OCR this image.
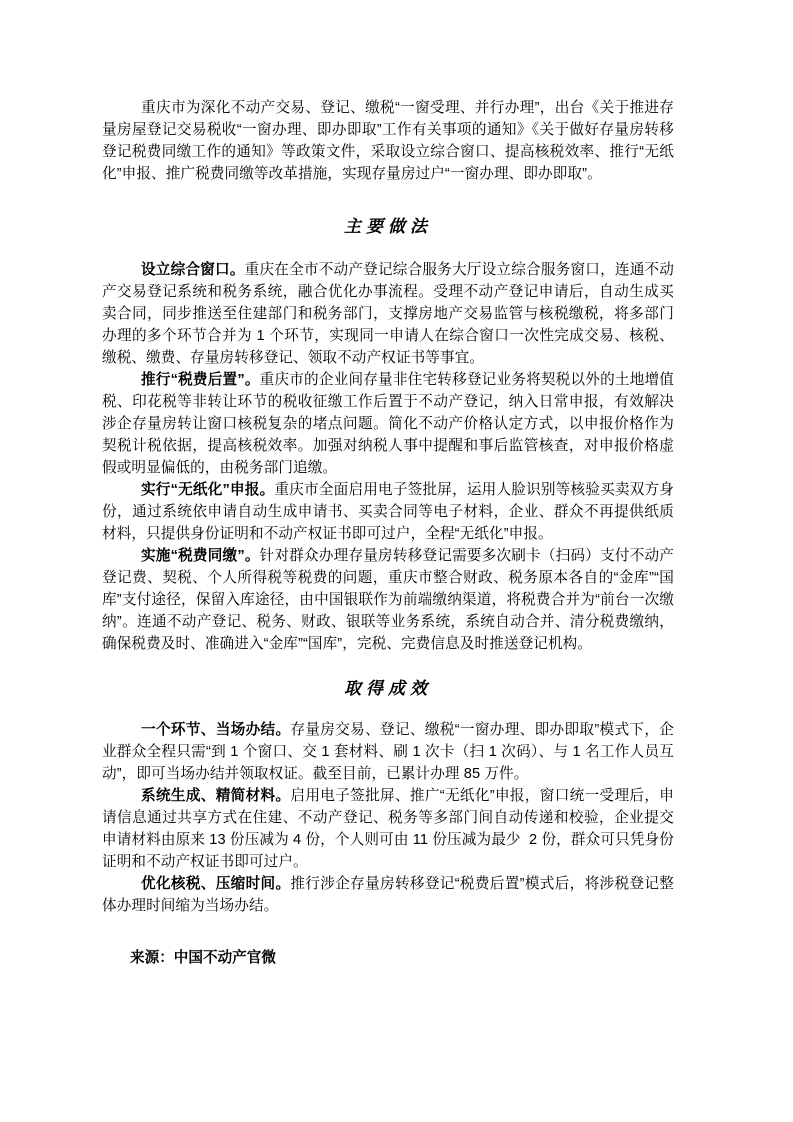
重庆市为深化不动产交易、登记、缴税“一窗受理、并行办理”，出台《关于推进存量房屋登记交易税收“一窗办理、即办即取”工作有关事项的通知》《关于做好存量房转移登记税费同缴工作的通知》等政策文件，采取设立综合窗口、提高核税效率、推行“无纸化”申报、推广税费同缴等改革措施，实现存量房过户“一窗办理、即办即取”。

主要做法

设立综合窗口。重庆在全市不动产登记综合服务大厅设立综合服务窗口，连通不动产交易登记系统和税务系统，融合优化办事流程。受理不动产登记申请后，自动生成买卖合同，同步推送至住建部门和税务部门，支撑房地产交易监管与核税缴税，将多部门办理的多个环节合并为 1 个环节，实现同一申请人在综合窗口一次性完成交易、核税、缴税、缴费、存量房转移登记、领取不动产权证书等事宜。

推行“税费后置”。重庆市的企业间存量非住宅转移登记业务将契税以外的土地增值税、印花税等非转让环节的税收征缴工作后置于不动产登记，纳入日常申报，有效解决涉企存量房转让窗口核税复杂的堵点问题。简化不动产价格认定方式，以申报价格作为契税计税依据，提高核税效率。加强对纳税人事中提醒和事后监管核查，对申报价格虚假或明显偏低的，由税务部门追缴。

实行“无纸化”申报。重庆市全面启用电子签批屏，运用人脸识别等核验买卖双方身份，通过系统依申请自动生成申请书、买卖合同等电子材料，企业、群众不再提供纸质材料，只提供身份证明和不动产权证书即可过户，全程“无纸化”申报。

实施“税费同缴”。针对群众办理存量房转移登记需要多次刷卡（扫码）支付不动产登记费、契税、个人所得税等税费的问题，重庆市整合财政、税务原本各自的“金库”“国库”支付途径，保留入库途径，由中国银联作为前端缴纳渠道，将税费合并为“前台一次缴纳”。连通不动产登记、税务、财政、银联等业务系统，系统自动合并、清分税费缴纳，确保税费及时、准确进入“金库”“国库”，完税、完费信息及时推送登记机构。

取得成效

一个环节、当场办结。存量房交易、登记、缴税“一窗办理、即办即取”模式下，企业群众全程只需“到 1 个窗口、交 1 套材料、刷 1 次卡（扫 1 次码）、与 1 名工作人员互动”，即可当场办结并领取权证。截至目前，已累计办理 85 万件。

系统生成、精简材料。启用电子签批屏、推广“无纸化”申报，窗口统一受理后，申请信息通过共享方式在住建、不动产登记、税务等多部门间自动传递和校验，企业提交申请材料由原来 13 份压减为 4 份，个人则可由 11 份压减为最少  2 份，群众可只凭身份证明和不动产权证书即可过户。

优化核税、压缩时间。推行涉企存量房转移登记“税费后置”模式后，将涉税登记整体办理时间缩为当场办结。

来源：中国不动产官微
